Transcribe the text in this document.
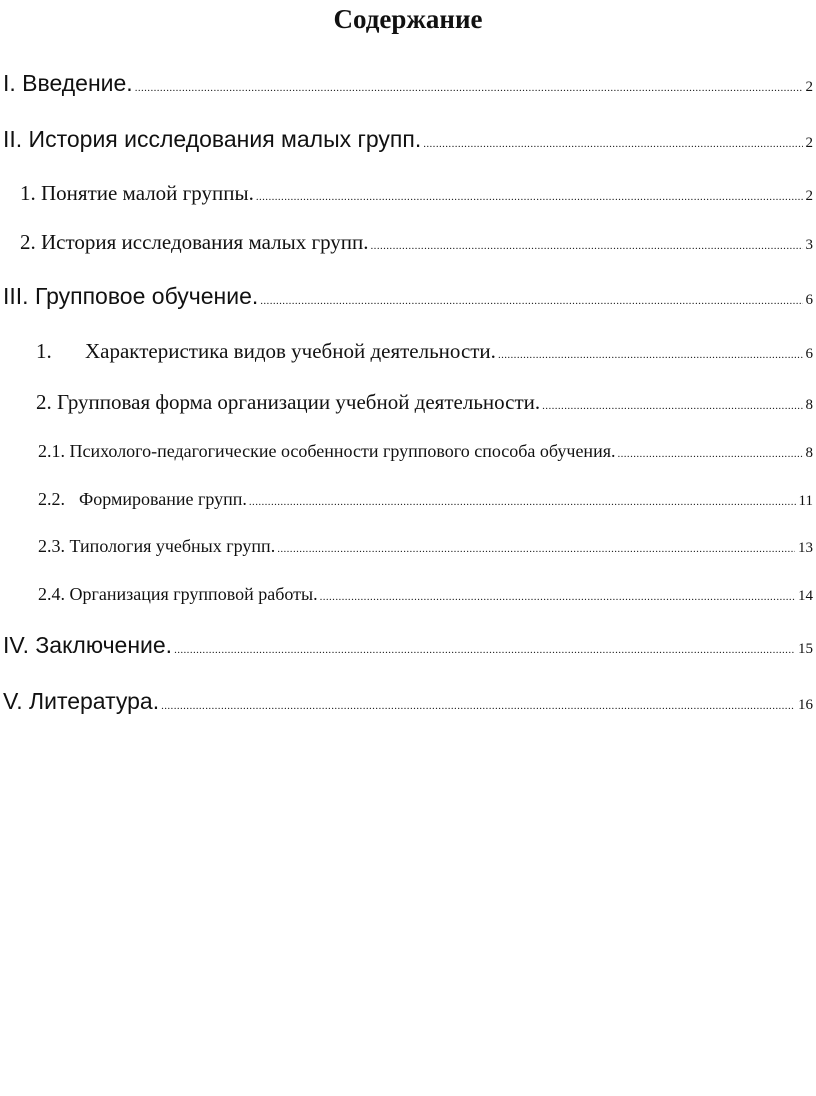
Содержание
I. Введение. .....	2
II. История исследования малых групп. .....	2
1. Понятие малой группы. .....	2
2. История исследования малых групп. .....	3
III. Групповое обучение. .....	6
1. Характеристика видов учебной деятельности. .....	6
2. Групповая форма организации учебной деятельности. .....	8
2.1. Психолого-педагогические особенности группового способа обучения. .....	8
2.2. Формирование групп. .....	11
2.3. Типология учебных групп. .....	13
2.4. Организация групповой работы. .....	14
IV. Заключение. .....	15
V. Литература. .....	16
